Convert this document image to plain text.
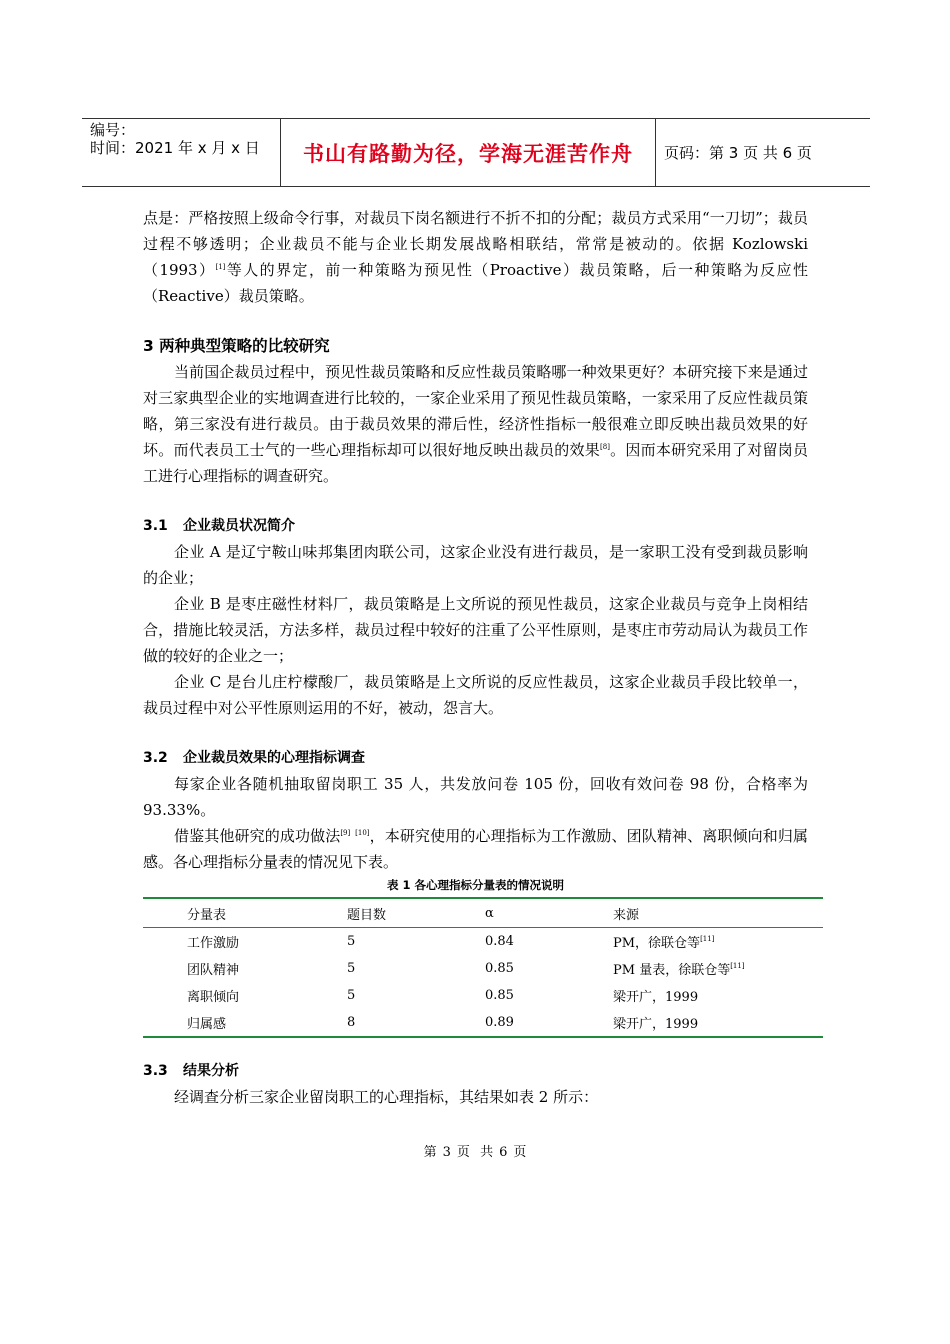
编号：
时间：2021 年 x 月 x 日	书山有路勤为径，学海无涯苦作舟	页码：第 3 页 共 6 页

点是：严格按照上级命令行事，对裁员下岗名额进行不折不扣的分配；裁员方式采用“一刀切”；裁员过程不够透明；企业裁员不能与企业长期发展战略相联结，常常是被动的。依据 Kozlowski（1993）[1]等人的界定，前一种策略为预见性（Proactive）裁员策略，后一种策略为反应性（Reactive）裁员策略。

3 两种典型策略的比较研究

当前国企裁员过程中，预见性裁员策略和反应性裁员策略哪一种效果更好？本研究接下来是通过对三家典型企业的实地调查进行比较的，一家企业采用了预见性裁员策略，一家采用了反应性裁员策略，第三家没有进行裁员。由于裁员效果的滞后性，经济性指标一般很难立即反映出裁员效果的好坏。而代表员工士气的一些心理指标却可以很好地反映出裁员的效果[8]。因而本研究采用了对留岗员工进行心理指标的调查研究。

3.1 企业裁员状况简介

企业 A 是辽宁鞍山味邦集团肉联公司，这家企业没有进行裁员，是一家职工没有受到裁员影响的企业；

企业 B 是枣庄磁性材料厂，裁员策略是上文所说的预见性裁员，这家企业裁员与竞争上岗相结合，措施比较灵活，方法多样，裁员过程中较好的注重了公平性原则，是枣庄市劳动局认为裁员工作做的较好的企业之一；

企业 C 是台儿庄柠檬酸厂，裁员策略是上文所说的反应性裁员，这家企业裁员手段比较单一，裁员过程中对公平性原则运用的不好，被动，怨言大。

3.2 企业裁员效果的心理指标调查

每家企业各随机抽取留岗职工 35 人，共发放问卷 105 份，回收有效问卷 98 份，合格率为 93.33%。

借鉴其他研究的成功做法[9] [10]，本研究使用的心理指标为工作激励、团队精神、离职倾向和归属感。各心理指标分量表的情况见下表。

表 1 各心理指标分量表的情况说明
分量表	题目数	α	来源
工作激励	5	0.84	PM，徐联仓等[11]
团队精神	5	0.85	PM 量表，徐联仓等[11]
离职倾向	5	0.85	梁开广，1999
归属感	8	0.89	梁开广，1999
3.3 结果分析

经调查分析三家企业留岗职工的心理指标，其结果如表 2 所示：

第 3 页 共 6 页
